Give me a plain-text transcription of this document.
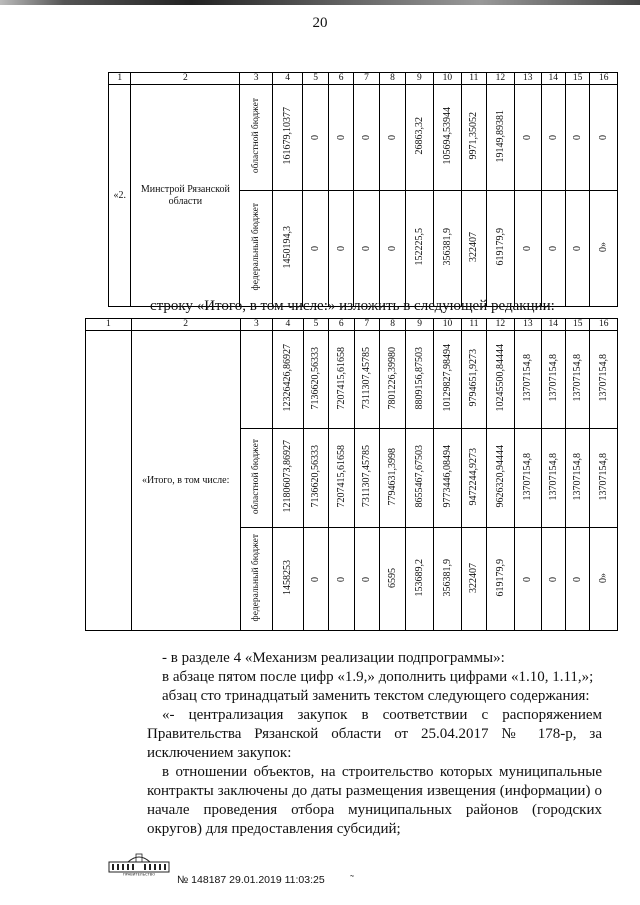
20
1	2	3	4	5	6	7	8	9	10	11	12	13	14	15	16
«2.	Минстрой Рязанской области	областной бюджет	161679,10377	0	0	0	0	26863,32	105694,53944	9971,35052	19149,89381	0	0	0	0
		федеральный бюджет	1450194,3	0	0	0	0	152225,5	356381,9	322407	619179,9	0	0	0	0»
строку «Итого, в том числе:» изложить в следующей редакции:
1	2	3	4	5	6	7	8	9	10	11	12	13	14	15	16
	«Итого, в том числе:		12326426,86927	7136620,56333	7207415,61658	7311307,45785	7801226,39980	8809156,87503	10129827,98494	9794651,9273	10245500,84444	13707154,8	13707154,8	13707154,8	13707154,8
		областной бюджет	12180607З,86927	7136620,56333	7207415,61658	7311307,45785	7794631,3998	8655467,67503	9773446,08494	9472244,9273	9626320,94444	13707154,8	13707154,8	13707154,8	13707154,8
		федеральный бюджет	1458253	0	0	0	6595	153689,2	356381,9	322407	619179,9	0	0	0	0»
- в разделе 4 «Механизм реализации подпрограммы»:
в абзаце пятом после цифр «1.9,» дополнить цифрами «1.10, 1.11,»;
абзац сто тринадцатый заменить текстом следующего содержания:
«- централизация закупок в соответствии с распоряжением Правительства Рязанской области от 25.04.2017 № 178-р, за исключением закупок:
в отношении объектов, на строительство которых муниципальные контракты заключены до даты размещения извещения (информации) о начале проведения отбора муниципальных районов (городских округов) для предоставления субсидий;
ПРАВИТЕЛЬСТВО № 148187 29.01.2019 11:03:25 ˜
